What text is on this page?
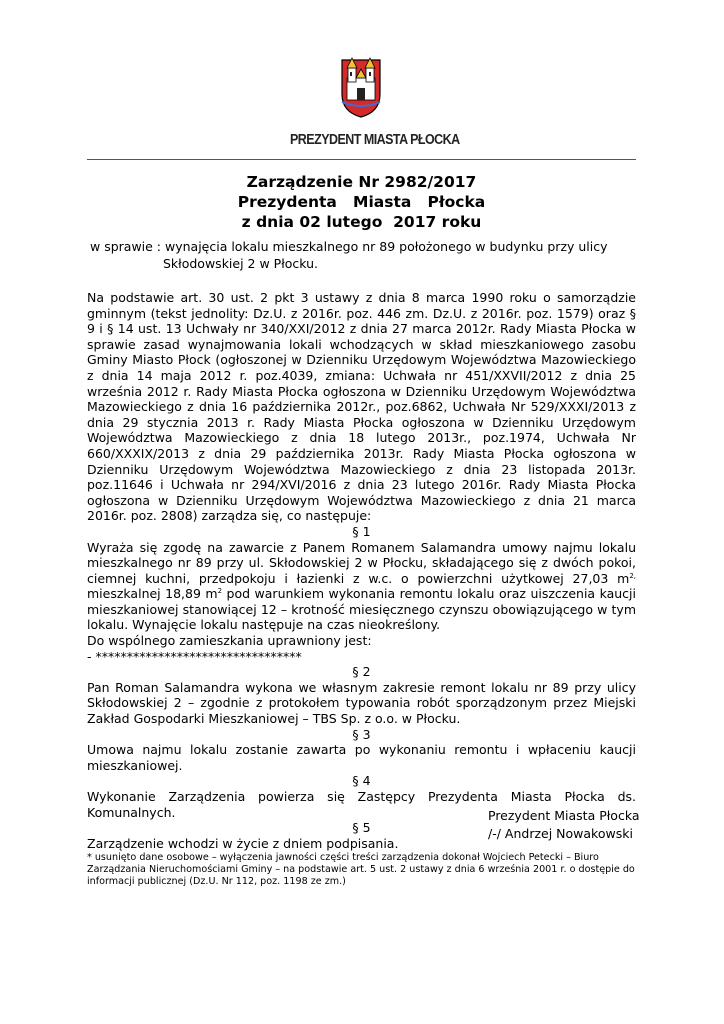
PREZYDENT MIASTA PŁOCKA
Zarządzenie Nr 2982/2017
Prezydenta   Miasta   Płocka
z dnia 02 lutego  2017 roku
w sprawie : wynajęcia lokalu mieszkalnego nr 89 położonego w budynku przy ulicy
Skłodowskiej 2 w Płocku.

Na podstawie art. 30 ust. 2 pkt 3 ustawy z dnia 8 marca 1990 roku o samorządzie gminnym (tekst jednolity: Dz.U. z 2016r. poz. 446 zm. Dz.U. z 2016r. poz. 1579) oraz § 9 i § 14 ust. 13 Uchwały nr 340/XXI/2012 z dnia 27 marca 2012r. Rady Miasta Płocka w sprawie zasad wynajmowania lokali wchodzących w skład mieszkaniowego zasobu Gminy Miasto Płock (ogłoszonej w Dzienniku Urzędowym Województwa Mazowieckiego z dnia 14 maja 2012 r. poz.4039, zmiana: Uchwała nr 451/XXVII/2012 z dnia 25 września 2012 r. Rady Miasta Płocka ogłoszona w Dzienniku Urzędowym Województwa Mazowieckiego z dnia 16 października 2012r., poz.6862, Uchwała Nr 529/XXXI/2013 z dnia 29 stycznia 2013 r. Rady Miasta Płocka ogłoszona w Dzienniku Urzędowym Województwa Mazowieckiego z dnia 18 lutego 2013r., poz.1974, Uchwała Nr 660/XXXIX/2013 z dnia 29 października 2013r. Rady Miasta Płocka ogłoszona w Dzienniku Urzędowym Województwa Mazowieckiego z dnia 23 listopada 2013r. poz.11646 i Uchwała nr 294/XVI/2016 z dnia 23 lutego 2016r. Rady Miasta Płocka ogłoszona w Dzienniku Urzędowym Województwa Mazowieckiego z dnia 21 marca 2016r. poz. 2808) zarządza się, co następuje:

§ 1

Wyraża się zgodę na zawarcie z Panem Romanem Salamandra umowy najmu lokalu mieszkalnego nr 89 przy ul. Skłodowskiej 2 w Płocku, składającego się z dwóch pokoi, ciemnej kuchni, przedpokoju i łazienki z w.c. o powierzchni użytkowej 27,03 $m^{2,}$ mieszkalnej 18,89 $m^2$ pod warunkiem wykonania remontu lokalu oraz uiszczenia kaucji mieszkaniowej stanowiącej 12 – krotność miesięcznego czynszu obowiązującego w tym lokalu. Wynajęcie lokalu następuje na czas nieokreślony.

Do wspólnego zamieszkania uprawniony jest:

- *********************************

§ 2

Pan Roman Salamandra wykona we własnym zakresie remont lokalu nr 89 przy ulicy Skłodowskiej 2 – zgodnie z protokołem typowania robót sporządzonym przez Miejski Zakład Gospodarki Mieszkaniowej – TBS Sp. z o.o. w Płocku.

§ 3

Umowa najmu lokalu zostanie zawarta po wykonaniu remontu i wpłaceniu kaucji mieszkaniowej.

§ 4

Wykonanie Zarządzenia powierza się Zastępcy Prezydenta Miasta Płocka ds. Komunalnych.

§ 5

Zarządzenie wchodzi w życie z dniem podpisania.

Prezydent Miasta Płocka
/-/ Andrzej Nowakowski
* usunięto dane osobowe – wyłączenia jawności części treści zarządzenia dokonał Wojciech Petecki – Biuro Zarządzania Nieruchomościami Gminy – na podstawie art. 5 ust. 2 ustawy z dnia 6 września 2001 r. o dostępie do informacji publicznej (Dz.U. Nr 112, poz. 1198 ze zm.)
